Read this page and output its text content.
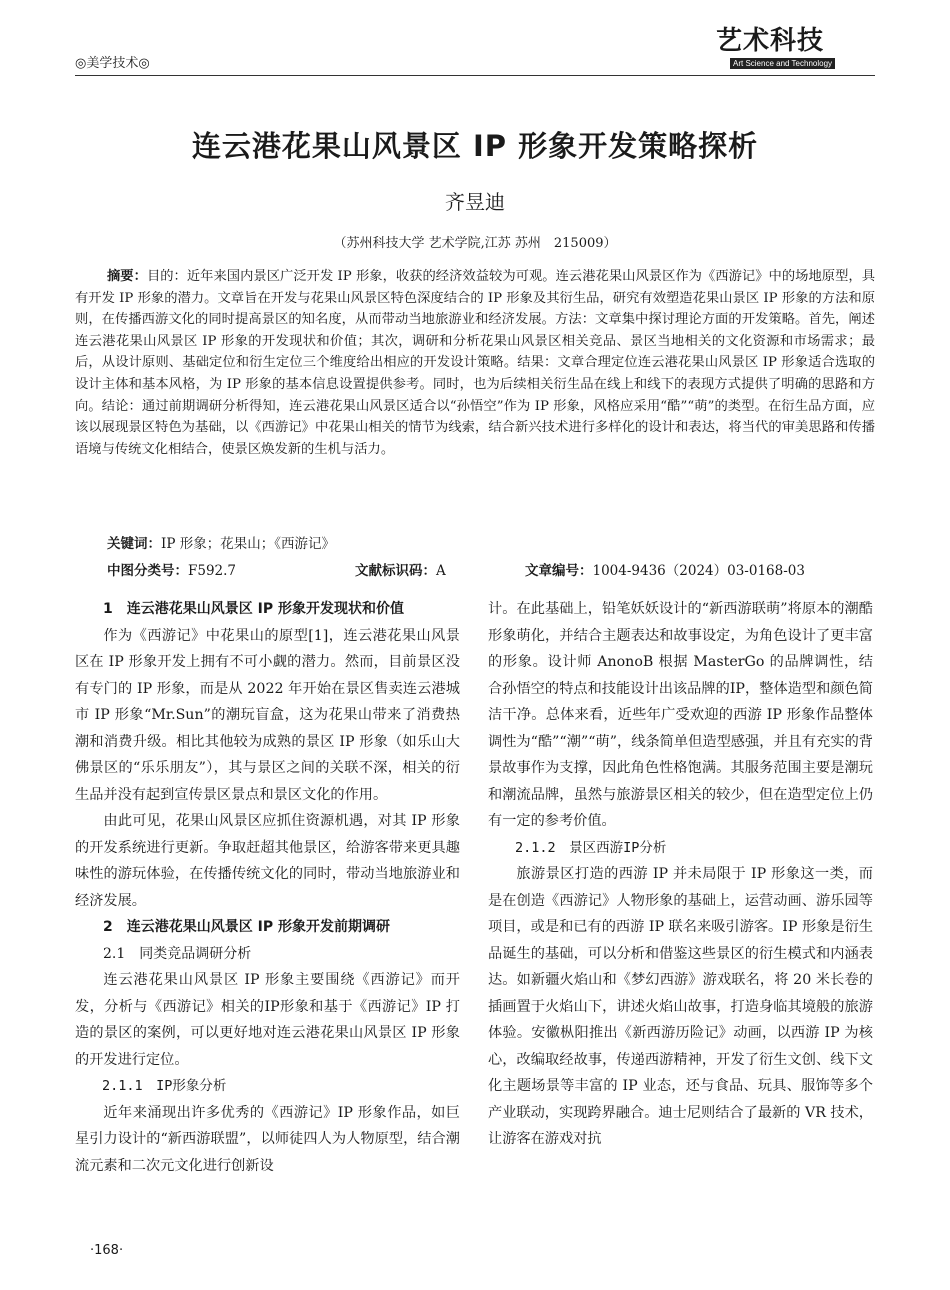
◎美学技术◎
艺术科技
Art Science and Technology
连云港花果山风景区 IP 形象开发策略探析
齐昱迪
（苏州科技大学 艺术学院,江苏 苏州　215009）
摘要：目的：近年来国内景区广泛开发 IP 形象，收获的经济效益较为可观。连云港花果山风景区作为《西游记》中的场地原型，具有开发 IP 形象的潜力。文章旨在开发与花果山风景区特色深度结合的 IP 形象及其衍生品，研究有效塑造花果山景区 IP 形象的方法和原则，在传播西游文化的同时提高景区的知名度，从而带动当地旅游业和经济发展。方法：文章集中探讨理论方面的开发策略。首先，阐述连云港花果山风景区 IP 形象的开发现状和价值；其次，调研和分析花果山风景区相关竞品、景区当地相关的文化资源和市场需求；最后，从设计原则、基础定位和衍生定位三个维度给出相应的开发设计策略。结果：文章合理定位连云港花果山风景区 IP 形象适合选取的设计主体和基本风格，为 IP 形象的基本信息设置提供参考。同时，也为后续相关衍生品在线上和线下的表现方式提供了明确的思路和方向。结论：通过前期调研分析得知，连云港花果山风景区适合以“孙悟空”作为 IP 形象，风格应采用“酷”“萌”的类型。在衍生品方面，应该以展现景区特色为基础，以《西游记》中花果山相关的情节为线索，结合新兴技术进行多样化的设计和表达，将当代的审美思路和传播语境与传统文化相结合，使景区焕发新的生机与活力。
关键词：IP 形象；花果山；《西游记》
中图分类号：F592.7	文献标识码：A	文章编号：1004-9436（2024）03-0168-03

1　连云港花果山风景区 IP 形象开发现状和价值

作为《西游记》中花果山的原型[1]，连云港花果山风景区在 IP 形象开发上拥有不可小觑的潜力。然而，目前景区没有专门的 IP 形象，而是从 2022 年开始在景区售卖连云港城市 IP 形象“Mr.Sun”的潮玩盲盒，这为花果山带来了消费热潮和消费升级。相比其他较为成熟的景区 IP 形象（如乐山大佛景区的“乐乐朋友”），其与景区之间的关联不深，相关的衍生品并没有起到宣传景区景点和景区文化的作用。

由此可见，花果山风景区应抓住资源机遇，对其 IP 形象的开发系统进行更新。争取赶超其他景区，给游客带来更具趣味性的游玩体验，在传播传统文化的同时，带动当地旅游业和经济发展。

2　连云港花果山风景区 IP 形象开发前期调研

2.1　同类竞品调研分析

连云港花果山风景区 IP 形象主要围绕《西游记》而开发，分析与《西游记》相关的IP形象和基于《西游记》IP 打造的景区的案例，可以更好地对连云港花果山风景区 IP 形象的开发进行定位。

2.1.1　IP形象分析

近年来涌现出许多优秀的《西游记》IP 形象作品，如巨星引力设计的“新西游联盟”，以师徒四人为人物原型，结合潮流元素和二次元文化进行创新设

计。在此基础上，铅笔妖妖设计的“新西游联萌”将原本的潮酷形象萌化，并结合主题表达和故事设定，为角色设计了更丰富的形象。设计师 AnonoB 根据 MasterGo 的品牌调性，结合孙悟空的特点和技能设计出该品牌的IP，整体造型和颜色简洁干净。总体来看，近些年广受欢迎的西游 IP 形象作品整体调性为“酷”“潮”“萌”，线条简单但造型感强，并且有充实的背景故事作为支撑，因此角色性格饱满。其服务范围主要是潮玩和潮流品牌，虽然与旅游景区相关的较少，但在造型定位上仍有一定的参考价值。

2.1.2　景区西游IP分析

旅游景区打造的西游 IP 并未局限于 IP 形象这一类，而是在创造《西游记》人物形象的基础上，运营动画、游乐园等项目，或是和已有的西游 IP 联名来吸引游客。IP 形象是衍生品诞生的基础，可以分析和借鉴这些景区的衍生模式和内涵表达。如新疆火焰山和《梦幻西游》游戏联名，将 20 米长卷的插画置于火焰山下，讲述火焰山故事，打造身临其境般的旅游体验。安徽枞阳推出《新西游历险记》动画，以西游 IP 为核心，改编取经故事，传递西游精神，开发了衍生文创、线下文化主题场景等丰富的 IP 业态，还与食品、玩具、服饰等多个产业联动，实现跨界融合。迪士尼则结合了最新的 VR 技术，让游客在游戏对抗

·168·
